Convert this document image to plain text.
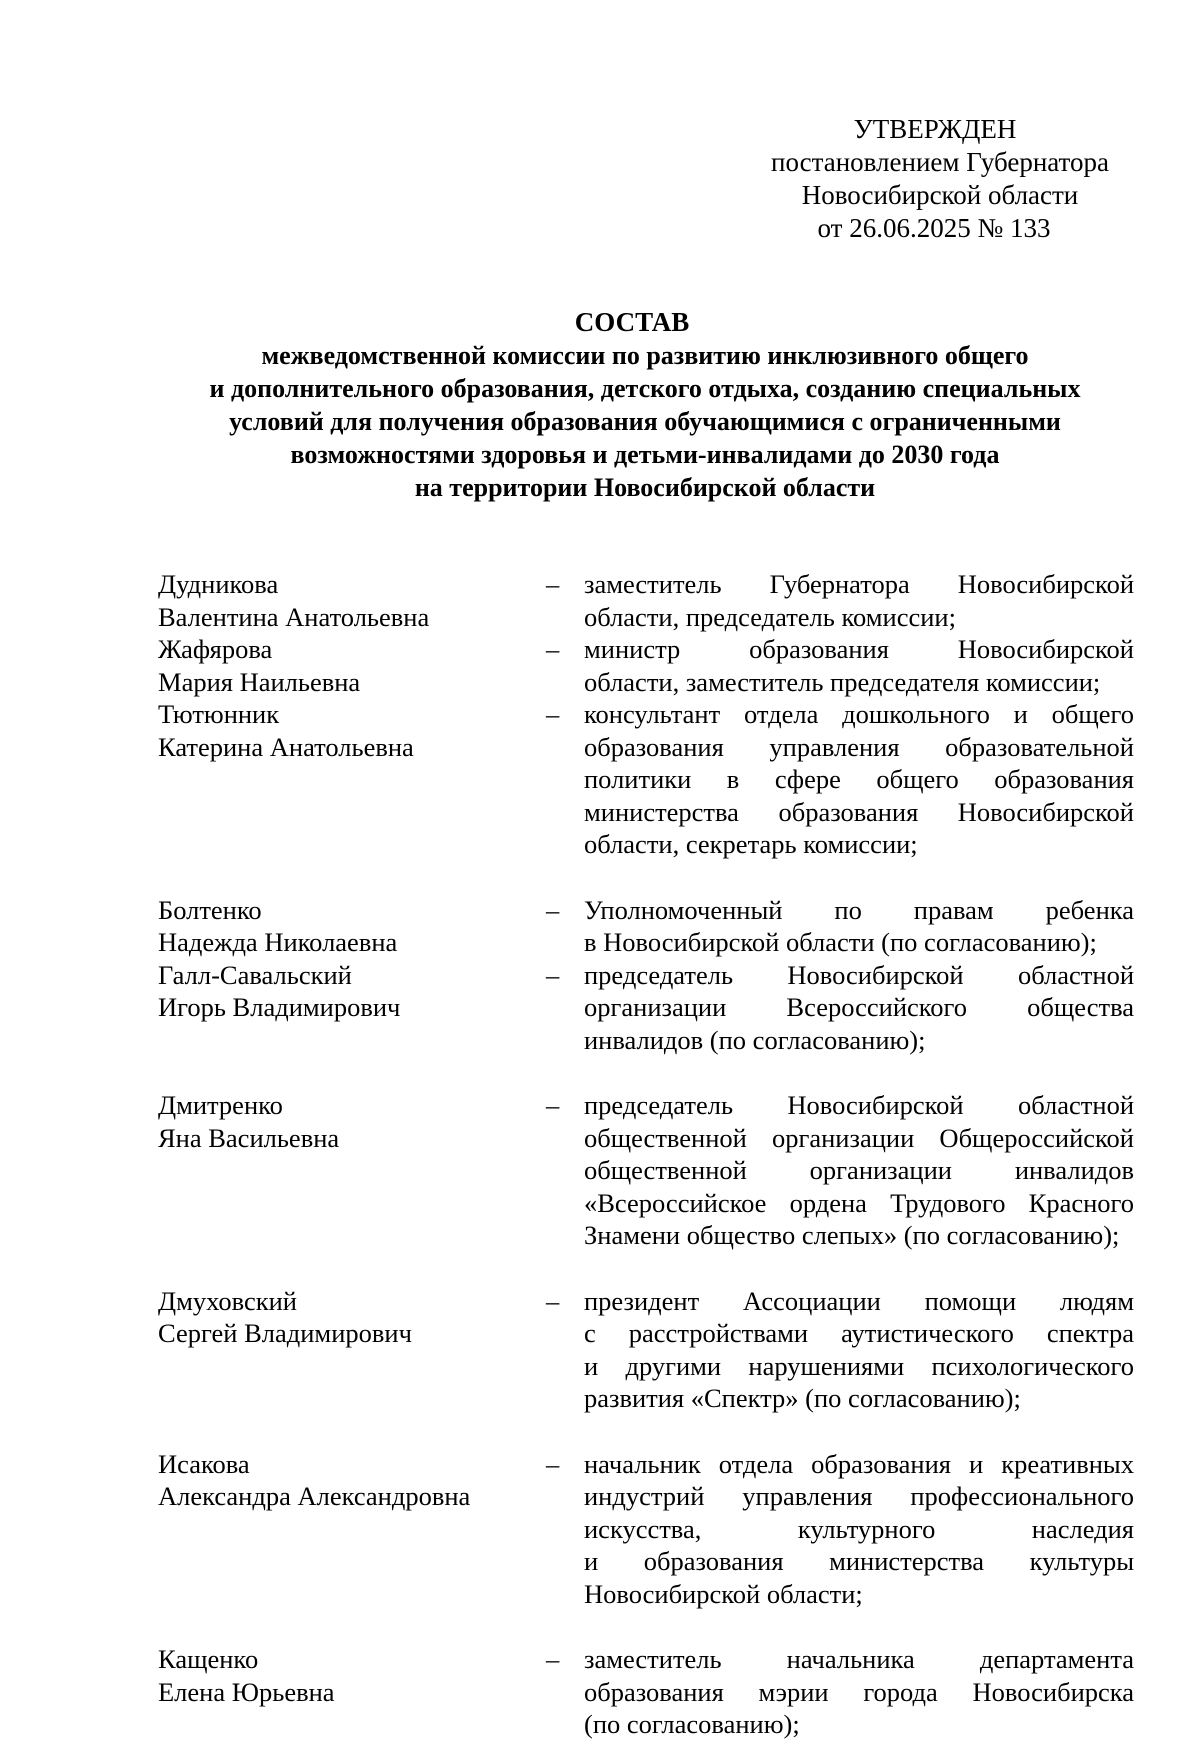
УТВЕРЖДЕН
постановлением Губернатора
Новосибирской области
от 26.06.2025 № 133
СОСТАВ
межведомственной комиссии по развитию инклюзивного общего
и дополнительного образования, детского отдыха, созданию специальных
условий для получения образования обучающимися с ограниченными
возможностями здоровья и детьми-инвалидами до 2030 года
на территории Новосибирской области
Дудникова
Валентина Анатольевна
– заместитель Губернатора Новосибирской
области, председатель комиссии;
Жафярова
Мария Наильевна
– министр образования Новосибирской
области, заместитель председателя комиссии;
Тютюнник
Катерина Анатольевна
– консультант отдела дошкольного и общего
образования управления образовательной
политики в сфере общего образования
министерства образования Новосибирской
области, секретарь комиссии;
Болтенко
Надежда Николаевна
– Уполномоченный по правам ребенка
в Новосибирской области (по согласованию);
Галл-Савальский
Игорь Владимирович
– председатель Новосибирской областной
организации Всероссийского общества
инвалидов (по согласованию);
Дмитренко
Яна Васильевна
– председатель Новосибирской областной
общественной организации Общероссийской
общественной организации инвалидов
«Всероссийское ордена Трудового Красного
Знамени общество слепых» (по согласованию);
Дмуховский
Сергей Владимирович
– президент Ассоциации помощи людям
с расстройствами аутистического спектра
и другими нарушениями психологического
развития «Спектр» (по согласованию);
Исакова
Александра Александровна
– начальник отдела образования и креативных
индустрий управления профессионального
искусства, культурного наследия
и образования министерства культуры
Новосибирской области;
Кащенко
Елена Юрьевна
– заместитель начальника департамента
образования мэрии города Новосибирска
(по согласованию);
